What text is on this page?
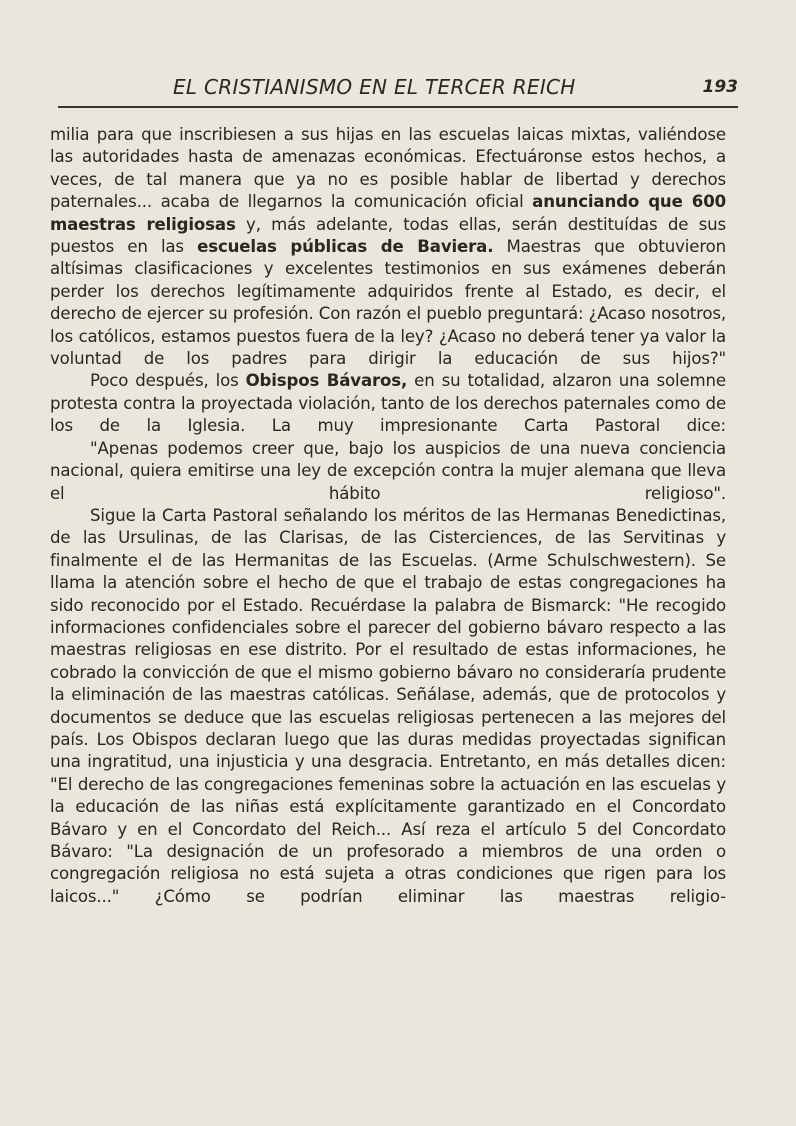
EL CRISTIANISMO EN EL TERCER REICH	193

milia para que inscribiesen a sus hijas en las escuelas laicas mixtas, valiéndose las autoridades hasta de amenazas económicas. Efectuáronse estos hechos, a veces, de tal manera que ya no es posible hablar de libertad y derechos paternales... acaba de llegarnos la comunicación oficial anunciando que 600 maestras religiosas y, más adelante, todas ellas, serán destituídas de sus puestos en las escuelas públicas de Baviera. Maestras que obtuvieron altísimas clasificaciones y excelentes testimonios en sus exámenes deberán perder los derechos legítimamente adquiridos frente al Estado, es decir, el derecho de ejercer su profesión. Con razón el pueblo preguntará: ¿Acaso nosotros, los católicos, estamos puestos fuera de la ley? ¿Acaso no deberá tener ya valor la voluntad de los padres para dirigir la educación de sus hijos?"

Poco después, los Obispos Bávaros, en su totalidad, alzaron una solemne protesta contra la proyectada violación, tanto de los derechos paternales como de los de la Iglesia. La muy impresionante Carta Pastoral dice:

"Apenas podemos creer que, bajo los auspicios de una nueva conciencia nacional, quiera emitirse una ley de excepción contra la mujer alemana que lleva el hábito religioso".

Sigue la Carta Pastoral señalando los méritos de las Hermanas Benedictinas, de las Ursulinas, de las Clarisas, de las Cisterciences, de las Servitinas y finalmente el de las Hermanitas de las Escuelas. (Arme Schulschwestern). Se llama la atención sobre el hecho de que el trabajo de estas congregaciones ha sido reconocido por el Estado. Recuérdase la palabra de Bismarck: "He recogido informaciones confidenciales sobre el parecer del gobierno bávaro respecto a las maestras religiosas en ese distrito. Por el resultado de estas informaciones, he cobrado la convicción de que el mismo gobierno bávaro no consideraría prudente la eliminación de las maestras católicas. Señálase, además, que de protocolos y documentos se deduce que las escuelas religiosas pertenecen a las mejores del país. Los Obispos declaran luego que las duras medidas proyectadas significan una ingratitud, una injusticia y una desgracia. Entretanto, en más detalles dicen: "El derecho de las congregaciones femeninas sobre la actuación en las escuelas y la educación de las niñas está explícitamente garantizado en el Concordato Bávaro y en el Concordato del Reich... Así reza el artículo 5 del Concordato Bávaro: "La designación de un profesorado a miembros de una orden o congregación religiosa no está sujeta a otras condiciones que rigen para los laicos..." ¿Cómo se podrían eliminar las maestras religio-
